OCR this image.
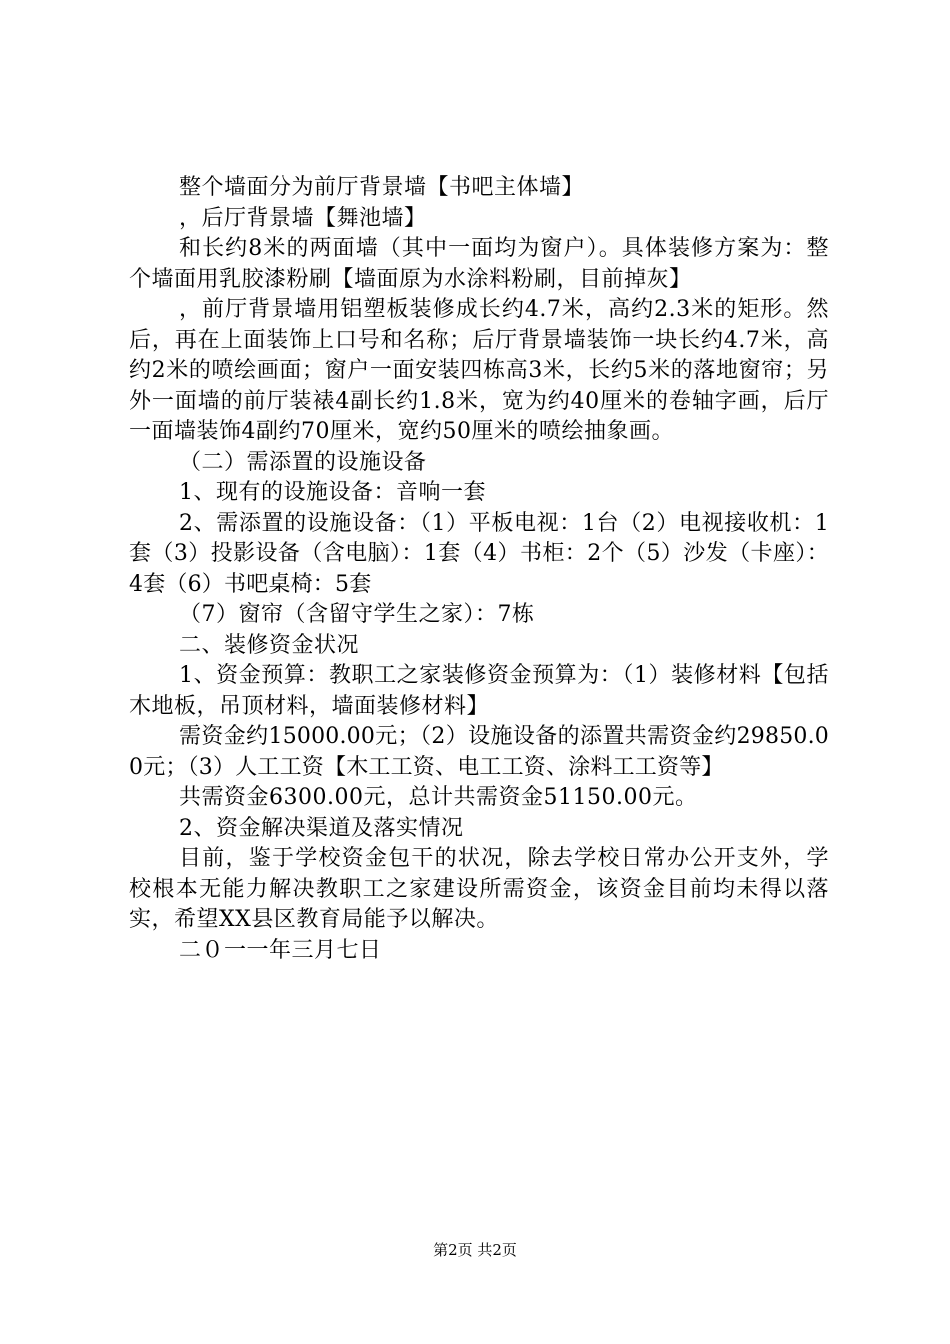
整个墙面分为前厅背景墙【书吧主体墙】

，后厅背景墙【舞池墙】

和长约8米的两面墙（其中一面均为窗户）。具体装修方案为：整个墙面用乳胶漆粉刷【墙面原为水涂料粉刷，目前掉灰】

，前厅背景墙用铝塑板装修成长约4.7米，高约2.3米的矩形。然后，再在上面装饰上口号和名称；后厅背景墙装饰一块长约4.7米，高约2米的喷绘画面；窗户一面安装四栋高3米，长约5米的落地窗帘；另外一面墙的前厅装裱4副长约1.8米，宽为约40厘米的卷轴字画，后厅一面墙装饰4副约70厘米，宽约50厘米的喷绘抽象画。

（二）需添置的设施设备

1、现有的设施设备：音响一套

2、需添置的设施设备：（1）平板电视：1台（2）电视接收机：1套（3）投影设备（含电脑）：1套（4）书柜：2个（5）沙发（卡座）：4套（6）书吧桌椅：5套

（7）窗帘（含留守学生之家）：7栋

二、装修资金状况

1、资金预算：教职工之家装修资金预算为：（1）装修材料【包括木地板，吊顶材料，墙面装修材料】

需资金约15000.00元；（2）设施设备的添置共需资金约29850.00元；（3）人工工资【木工工资、电工工资、涂料工工资等】

共需资金6300.00元，总计共需资金51150.00元。

2、资金解决渠道及落实情况

目前，鉴于学校资金包干的状况，除去学校日常办公开支外，学校根本无能力解决教职工之家建设所需资金，该资金目前均未得以落实，希望XX县区教育局能予以解决。

二０一一年三月七日

第2页 共2页
